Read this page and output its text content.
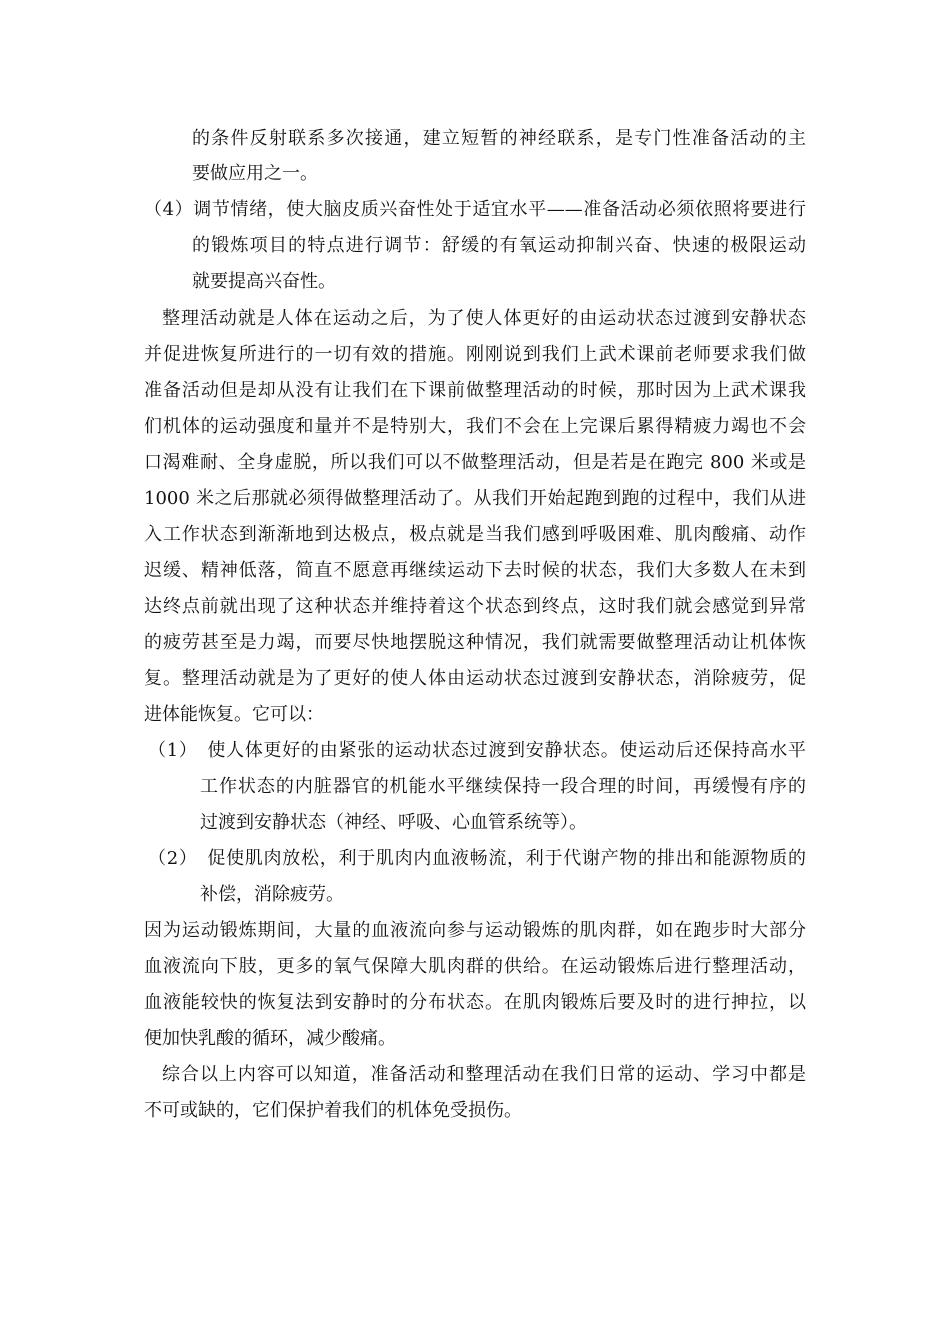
的条件反射联系多次接通，建立短暂的神经联系，是专门性准备活动的主
要做应用之一。
（4）调节情绪，使大脑皮质兴奋性处于适宜水平——准备活动必须依照将要进行
的锻炼项目的特点进行调节：舒缓的有氧运动抑制兴奋、快速的极限运动
就要提高兴奋性。
整理活动就是人体在运动之后，为了使人体更好的由运动状态过渡到安静状态
并促进恢复所进行的一切有效的措施。刚刚说到我们上武术课前老师要求我们做
准备活动但是却从没有让我们在下课前做整理活动的时候，那时因为上武术课我
们机体的运动强度和量并不是特别大，我们不会在上完课后累得精疲力竭也不会
口渴难耐、全身虚脱，所以我们可以不做整理活动，但是若是在跑完 800 米或是
1000 米之后那就必须得做整理活动了。从我们开始起跑到跑的过程中，我们从进
入工作状态到渐渐地到达极点，极点就是当我们感到呼吸困难、肌肉酸痛、动作
迟缓、精神低落，简直不愿意再继续运动下去时候的状态，我们大多数人在未到
达终点前就出现了这种状态并维持着这个状态到终点，这时我们就会感觉到异常
的疲劳甚至是力竭，而要尽快地摆脱这种情况，我们就需要做整理活动让机体恢
复。整理活动就是为了更好的使人体由运动状态过渡到安静状态，消除疲劳，促
进体能恢复。它可以：
（1）　使人体更好的由紧张的运动状态过渡到安静状态。使运动后还保持高水平
工作状态的内脏器官的机能水平继续保持一段合理的时间，再缓慢有序的
过渡到安静状态（神经、呼吸、心血管系统等）。
（2）　促使肌肉放松，利于肌肉内血液畅流，利于代谢产物的排出和能源物质的
补偿，消除疲劳。
因为运动锻炼期间，大量的血液流向参与运动锻炼的肌肉群，如在跑步时大部分
血液流向下肢，更多的氧气保障大肌肉群的供给。在运动锻炼后进行整理活动，
血液能较快的恢复法到安静时的分布状态。在肌肉锻炼后要及时的进行抻拉，以
便加快乳酸的循环，减少酸痛。
综合以上内容可以知道，准备活动和整理活动在我们日常的运动、学习中都是
不可或缺的，它们保护着我们的机体免受损伤。
